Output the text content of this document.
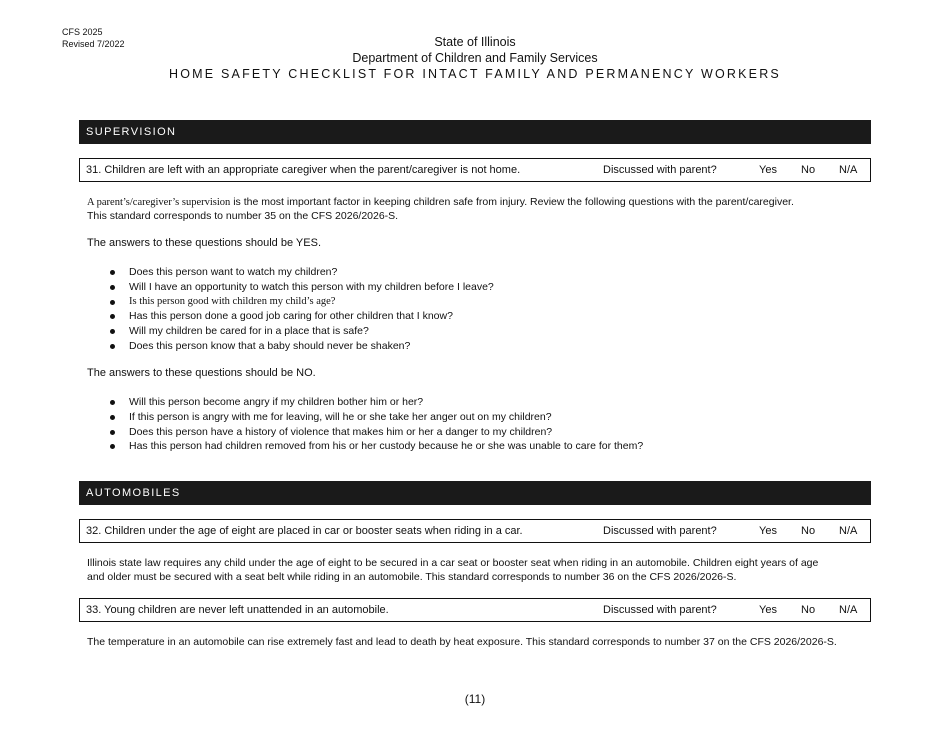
CFS 2025
Revised 7/2022	State of Illinois
Department of Children and Family Services
HOME SAFETY CHECKLIST FOR INTACT FAMILY AND PERMANENCY WORKERS
SUPERVISION
31. Children are left with an appropriate caregiver when the parent/caregiver is not home.	Discussed with parent?	Yes No N/A
A parent’s/caregiver’s supervision is the most important factor in keeping children safe from injury. Review the following questions with the parent/caregiver.
This standard corresponds to number 35 on the CFS 2026/2026-S.
The answers to these questions should be YES.
Does this person want to watch my children?
Will I have an opportunity to watch this person with my children before I leave?
Is this person good with children my child’s age?
Has this person done a good job caring for other children that I know?
Will my children be cared for in a place that is safe?
Does this person know that a baby should never be shaken?
The answers to these questions should be NO.
Will this person become angry if my children bother him or her?
If this person is angry with me for leaving, will he or she take her anger out on my children?
Does this person have a history of violence that makes him or her a danger to my children?
Has this person had children removed from his or her custody because he or she was unable to care for them?
AUTOMOBILES
32. Children under the age of eight are placed in car or booster seats when riding in a car.	Discussed with parent?	Yes No N/A
Illinois state law requires any child under the age of eight to be secured in a car seat or booster seat when riding in an automobile. Children eight years of age
and older must be secured with a seat belt while riding in an automobile. This standard corresponds to number 36 on the CFS 2026/2026-S.
33. Young children are never left unattended in an automobile.	Discussed with parent?	Yes No N/A
The temperature in an automobile can rise extremely fast and lead to death by heat exposure. This standard corresponds to number 37 on the CFS 2026/2026-S.
(11)
